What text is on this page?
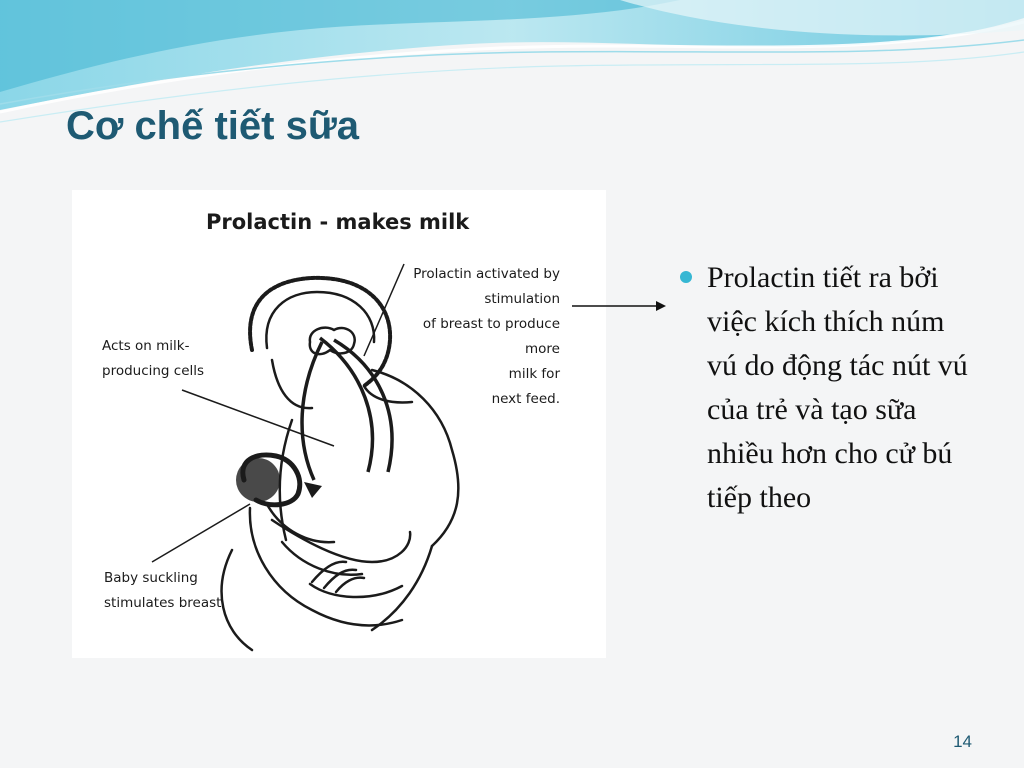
Cơ chế tiết sữa
Prolactin - makes milk
Prolactin activated by
stimulation
of breast to produce
more
milk for
next feed.
Acts on milk-
producing cells
Baby suckling
stimulates breast

Prolactin tiết ra bởi việc kích thích núm vú do động tác nút vú của trẻ và tạo sữa nhiều hơn cho cử bú tiếp theo

14
